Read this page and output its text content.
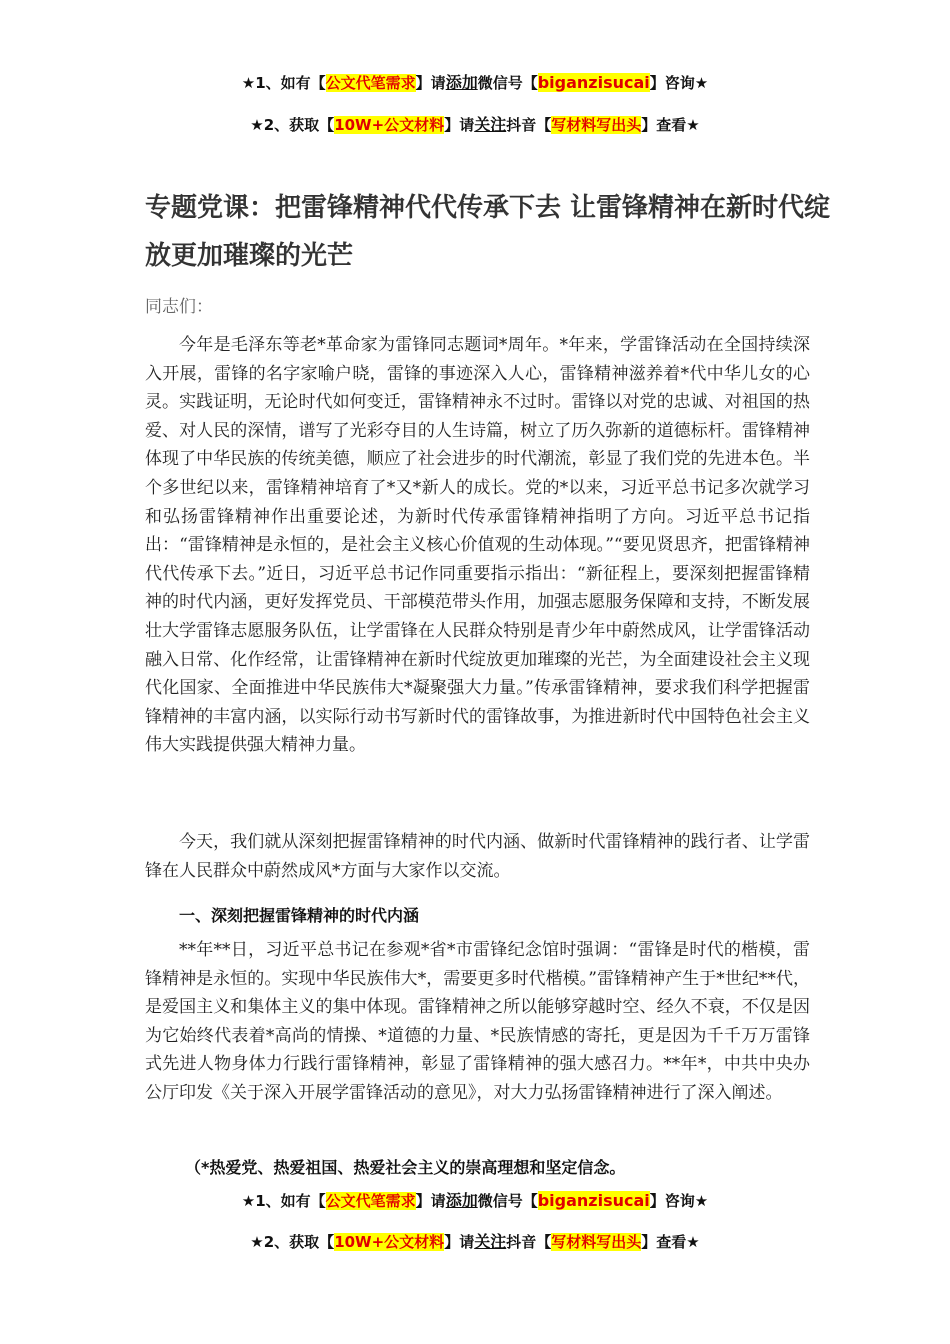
★1、如有【公文代笔需求】请添加微信号【biganzisucai】咨询★
★2、获取【10W+公文材料】请关注抖音【写材料写出头】查看★
专题党课：把雷锋精神代代传承下去 让雷锋精神在新时代绽放更加璀璨的光芒
同志们：
今年是毛泽东等老*革命家为雷锋同志题词*周年。*年来，学雷锋活动在全国持续深入开展，雷锋的名字家喻户晓，雷锋的事迹深入人心，雷锋精神滋养着*代中华儿女的心灵。实践证明，无论时代如何变迁，雷锋精神永不过时。雷锋以对党的忠诚、对祖国的热爱、对人民的深情，谱写了光彩夺目的人生诗篇，树立了历久弥新的道德标杆。雷锋精神体现了中华民族的传统美德，顺应了社会进步的时代潮流，彰显了我们党的先进本色。半个多世纪以来，雷锋精神培育了*又*新人的成长。党的*以来，习近平总书记多次就学习和弘扬雷锋精神作出重要论述，为新时代传承雷锋精神指明了方向。习近平总书记指出：“雷锋精神是永恒的，是社会主义核心价值观的生动体现。”“要见贤思齐，把雷锋精神代代传承下去。”近日，习近平总书记作同重要指示指出：“新征程上，要深刻把握雷锋精神的时代内涵，更好发挥党员、干部模范带头作用，加强志愿服务保障和支持，不断发展壮大学雷锋志愿服务队伍，让学雷锋在人民群众特别是青少年中蔚然成风，让学雷锋活动融入日常、化作经常，让雷锋精神在新时代绽放更加璀璨的光芒，为全面建设社会主义现代化国家、全面推进中华民族伟大*凝聚强大力量。”传承雷锋精神，要求我们科学把握雷锋精神的丰富内涵，以实际行动书写新时代的雷锋故事，为推进新时代中国特色社会主义伟大实践提供强大精神力量。
今天，我们就从深刻把握雷锋精神的时代内涵、做新时代雷锋精神的践行者、让学雷锋在人民群众中蔚然成风*方面与大家作以交流。
一、深刻把握雷锋精神的时代内涵
**年**日，习近平总书记在参观*省*市雷锋纪念馆时强调：“雷锋是时代的楷模，雷锋精神是永恒的。实现中华民族伟大*，需要更多时代楷模。”雷锋精神产生于*世纪**代，是爱国主义和集体主义的集中体现。雷锋精神之所以能够穿越时空、经久不衰，不仅是因为它始终代表着*高尚的情操、*道德的力量、*民族情感的寄托，更是因为千千万万雷锋式先进人物身体力行践行雷锋精神，彰显了雷锋精神的强大感召力。**年*，中共中央办公厅印发《关于深入开展学雷锋活动的意见》，对大力弘扬雷锋精神进行了深入阐述。
（*热爱党、热爱祖国、热爱社会主义的崇高理想和坚定信念。
★1、如有【公文代笔需求】请添加微信号【biganzisucai】咨询★
★2、获取【10W+公文材料】请关注抖音【写材料写出头】查看★
